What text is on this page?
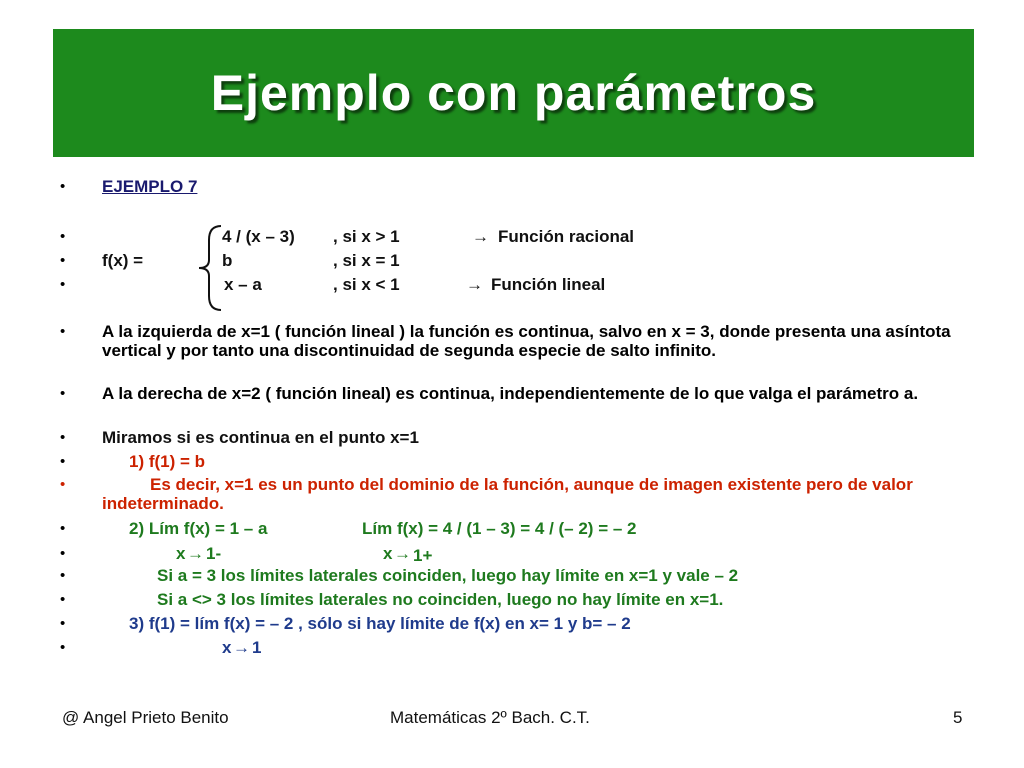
Ejemplo con parámetros
•
•
•
•
•
•
•
•
•
•
•
•
•
•
•
EJEMPLO 7
4 / (x – 3) , si x > 1	→ Función racional
f(x) =	b	, si x = 1
x – a	, si x < 1	→ Función lineal
A la izquierda de x=1 ( función lineal ) la función es continua, salvo en x = 3, donde presenta una asíntota vertical y por tanto una discontinuidad de segunda especie de salto infinito.
A la derecha de x=2 ( función lineal) es continua, independientemente de lo que valga el parámetro a.
Miramos si es continua en el punto x=1
1) f(1) = b
Es decir, x=1 es un punto del dominio de la función, aunque de imagen existente pero de valor indeterminado.
2) Lím f(x) = 1 – a	Lím f(x) = 4 / (1 – 3) = 4 / (– 2) = – 2
x → 1-	x → 1+
Si a = 3 los límites laterales coinciden, luego hay límite en x=1 y vale – 2
Si a <> 3 los límites laterales no coinciden, luego no hay límite en x=1.
3) f(1) = lím f(x) = – 2 , sólo si hay límite de f(x) en x= 1 y b= – 2
x → 1
@ Angel Prieto Benito	Matemáticas 2º Bach. C.T.	5
